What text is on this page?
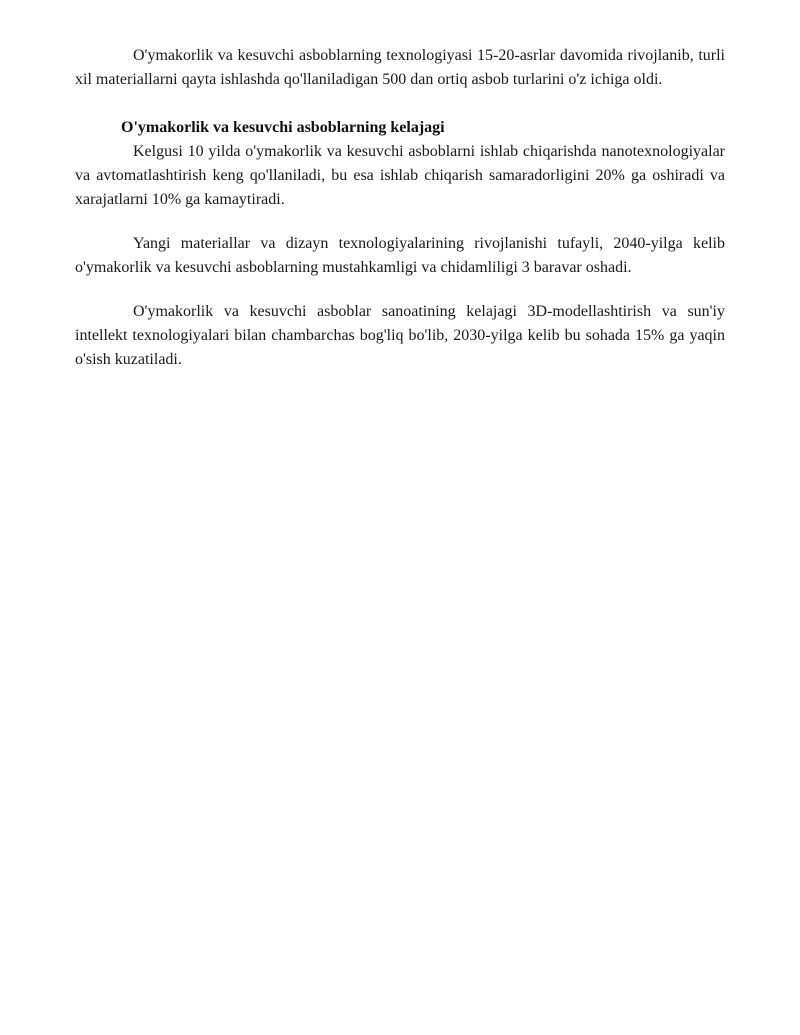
O'ymakorlik va kesuvchi asboblarning texnologiyasi 15-20-asrlar davomida rivojlanib, turli xil materiallarni qayta ishlashda qo'llaniladigan 500 dan ortiq asbob turlarini o'z ichiga oldi.

O'ymakorlik va kesuvchi asboblarning kelajagi

Kelgusi 10 yilda o'ymakorlik va kesuvchi asboblarni ishlab chiqarishda nanotexnologiyalar va avtomatlashtirish keng qo'llaniladi, bu esa ishlab chiqarish samaradorligini 20% ga oshiradi va xarajatlarni 10% ga kamaytiradi.

Yangi materiallar va dizayn texnologiyalarining rivojlanishi tufayli, 2040-yilga kelib o'ymakorlik va kesuvchi asboblarning mustahkamligi va chidamliligi 3 baravar oshadi.

O'ymakorlik va kesuvchi asboblar sanoatining kelajagi 3D-modellashtirish va sun'iy intellekt texnologiyalari bilan chambarchas bog'liq bo'lib, 2030-yilga kelib bu sohada 15% ga yaqin o'sish kuzatiladi.
